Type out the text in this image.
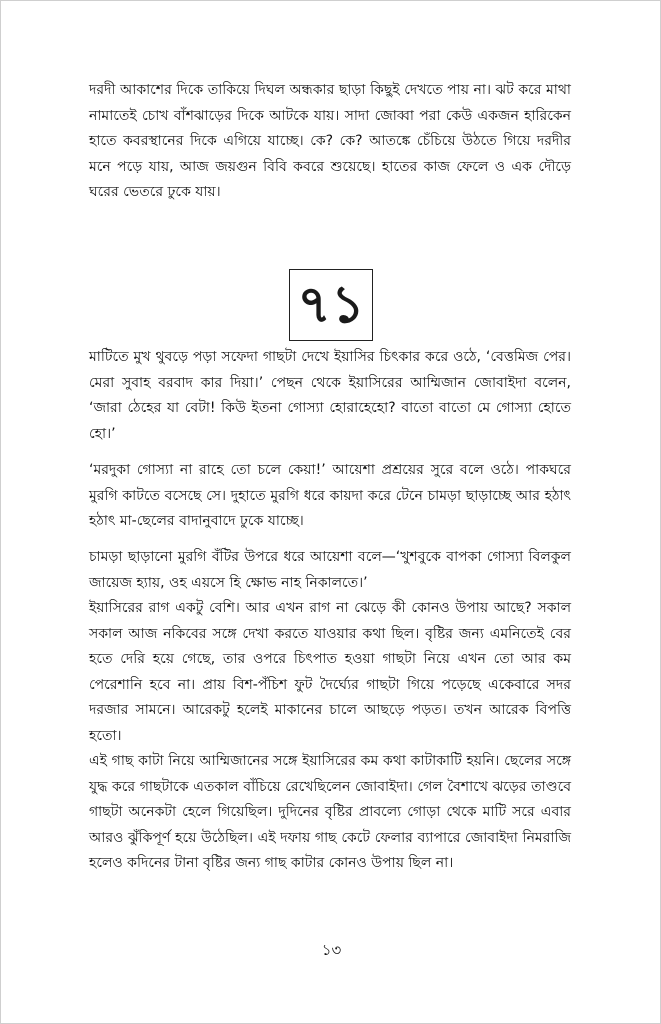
দরদী আকাশের দিকে তাকিয়ে দিঘল অন্ধকার ছাড়া কিছুই দেখতে পায় না। ঝট করে মাথা নামাতেই চোখ বাঁশঝাড়ের দিকে আটকে যায়। সাদা জোব্বা পরা কেউ একজন হারিকেন হাতে কবরস্থানের দিকে এগিয়ে যাচ্ছে। কে? কে? আতঙ্কে চেঁচিয়ে উঠতে গিয়ে দরদীর মনে পড়ে যায়, আজ জয়গুন বিবি কবরে শুয়েছে। হাতের কাজ ফেলে ও এক দৌড়ে ঘরের ভেতরে ঢুকে যায়।

৭১

মাটিতে মুখ থুবড়ে পড়া সফেদা গাছটা দেখে ইয়াসির চিৎকার করে ওঠে, ‘বেত্তমিজ পের। মেরা সুবাহ বরবাদ কার দিয়া।’ পেছন থেকে ইয়াসিরের আম্মিজান জোবাইদা বলেন, ‘জারা ঠেহের যা বেটা! কিউ ইতনা গোস্যা হোরাহেহো? বাতো বাতো মে গোস্যা হোতে হো।’

‘মরদুকা গোস্যা না রাহে তো চলে কেয়া!’ আয়েশা প্রশ্রয়ের সুরে বলে ওঠে। পাকঘরে মুরগি কাটতে বসেছে সে। দুহাতে মুরগি ধরে কায়দা করে টেনে চামড়া ছাড়াচ্ছে আর হঠাৎ হঠাৎ মা-ছেলের বাদানুবাদে ঢুকে যাচ্ছে।

চামড়া ছাড়ানো মুরগি বঁটির উপরে ধরে আয়েশা বলে—‘খুশবুকে বাপকা গোস্যা বিলকুল জায়েজ হ্যায়, ওহ এয়সে হি ক্ষোভ নাহ নিকালতে।’

ইয়াসিরের রাগ একটু বেশি। আর এখন রাগ না ঝেড়ে কী কোনও উপায় আছে? সকাল সকাল আজ নকিবের সঙ্গে দেখা করতে যাওয়ার কথা ছিল। বৃষ্টির জন্য এমনিতেই বের হতে দেরি হয়ে গেছে, তার ওপরে চিৎপাত হওয়া গাছটা নিয়ে এখন তো আর কম পেরেশানি হবে না। প্রায় বিশ-পঁচিশ ফুট দৈর্ঘ্যের গাছটা গিয়ে পড়েছে একেবারে সদর দরজার সামনে। আরেকটু হলেই মাকানের চালে আছড়ে পড়ত। তখন আরেক বিপত্তি হতো।

এই গাছ কাটা নিয়ে আম্মিজানের সঙ্গে ইয়াসিরের কম কথা কাটাকাটি হয়নি। ছেলের সঙ্গে যুদ্ধ করে গাছটাকে এতকাল বাঁচিয়ে রেখেছিলেন জোবাইদা। গেল বৈশাখে ঝড়ের তাণ্ডবে গাছটা অনেকটা হেলে গিয়েছিল। দুদিনের বৃষ্টির প্রাবল্যে গোড়া থেকে মাটি সরে এবার আরও ঝুঁকিপূর্ণ হয়ে উঠেছিল। এই দফায় গাছ কেটে ফেলার ব্যাপারে জোবাইদা নিমরাজি হলেও কদিনের টানা বৃষ্টির জন্য গাছ কাটার কোনও উপায় ছিল না।

১৩
